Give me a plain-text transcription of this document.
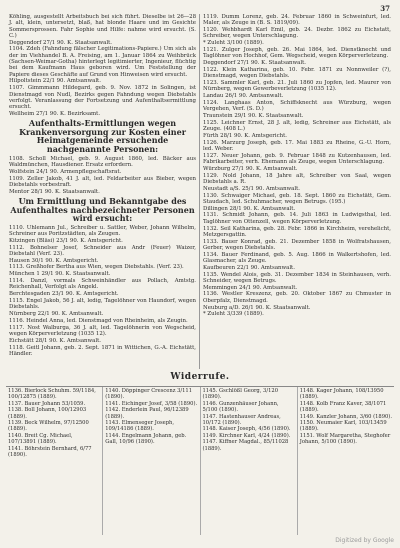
37
Köhling, ausgestellt Arbeitsbuch bei sich führt. Dieselbe ist 26—28 J. alt, klein, untersetzt, blaß, hat blonde Haare und im Gesichte Sommersprossen. Fahr Sophie und Hilfe: nahme wird ersucht. (S. C.)
Deggendorf 27/1 90. K. Staatsanwalt.
1104. Zdeh (Fahndung fälscher Legitimations-Papiere.) Um sich als der im Viehhandel B. A. Freising, am 1. Januar 1864 zu Weihbrück (Sachsen-Weimar-Gotha) hinterlegt legitimierter, Ingenieur, flüchtig bei dem Kaufmann Haus geboren wird. Um Feststellung der Papiere dieses Geschäfte auf Grund von Hinweisen wird ersucht.
Hilpoltstein 22/1 90. Amtsanwalt.
1107. Gimmmann Hildegard, geb. 9. Nov. 1872 in Solingen, ist Dienstmagd von Nudl, Bezirks gegen Fahndung wegen Diebstahls verfolgt. Veranlassung der Fortsetzung und Aufenthaltsermittlung ersucht.
Wellheim 27/1 90. K. Bezirksamt.
Aufenthalts-Ermittlungen wegen Krankenversorgung zur Kosten einer Heimatgemeinde ersuchende nachgenannte Personen:
1108. Scholl Michael, geb. 9. August 1860, led. Bäcker aus Waldmünchen, Hausdiener. Ersatz erfordern.
Wolfstein 24/1 90. Armenpflegschaftsrat.
1109. Zeller Jakob, 41 J. alt, led. Feldarbeiter aus Bieber, wegen Diebstahls vorbestraft.
Mentor 28/1 90. K. Staatsanwalt.
Um Ermittlung und Bekanntgabe des Aufenthaltes nachbezeichneter Personen wird ersucht:
1110. Uhlemann Jul., Schreiber u. Sattler, Weber, Johann Wilhelm, Schreiner aus Poritzstädten, als Zeugen.
Kitzingen (Bläsi) 23/1 90. K. Amtsgericht.
1112. Bohnelser Josef, Schneider aus Andr (Feuer) Waizer, Diebstahl (Verf. 23).
Hausen 30/1 90. K. Amtsgericht.
1113. Greßhofer Bertha aus Wien, wegen Diebstahls. (Verf. 23).
München 1 29/1 90. K. Staatsanwalt.
1114. Danzl, vormals Schweinhändler aus Pollach, Amtstg. Reichenhall, Verfolgt als Angekl.
Berchtesgaden 23/1 90. K. Amtsgericht.
1115. Engel Jakob, 56 J. alt, ledig, Tagelöhner von Haundorf, wegen Diebstahls.
Nürnberg 22/1 90. K. Amtsanwalt.
1116. Heindel Anna, led. Dienstmagd von Rheinheim, als Zeugin.
1117. Nost Walburga, 36 J. alt, led. Tagelöhnerin von Wegscheid, wegen Körperverletzung (1035 12).
Eichstätt 28/1 90. K. Amtsanwalt.
1118. Geitl Johann, geb. 2. Sept. 1871 in Wittichen, G.-A. Eichstätt, Händler.
1119. Dumm Lorenz, geb. 24. Februar 1860 in Schweinfurt, led. Maler, als Zeuge in (B. S. 1819/09).
1120. Wehbhardt Karl Emil, geb. 24. Dezbr. 1862 zu Eichstatt, Schreiber, wegen Unterschlagung.
* Zuleht 3/100 (1889).
1121. Zulger Joseph, geb. 26. Mai 1864, led. Dienstknecht und Taglöhner von Hochhof, Gem. Wegscheid, wegen Körperverletzung.
Deggendorf 27/1 90. K. Staatsanwalt.
1122. Klein Katharina, geb. 10. Febr. 1871 zu Nonnweiler (?), Dienstmagd, wegen Diebstahls.
1123. Sammler Karl, geb. 21. Juli 1860 zu Jopfen, led. Maurer von Nürnberg, wegen Gewerbeverletzung (1035 12).
Landau 26/1 90. Amtsanwalt.
1124. Langhaas Anton, Schiffsknecht aus Würzburg, wegen Vergehen, Verf. (S. D.)
Traunstein 29/1 90. K. Staatsanwalt.
1125. Leichner Ernst, 28 J. alt, ledig, Schreiner aus Eichstätt, als Zeuge. (408 L.)
Fürth 28/1 90. K. Amtsgericht.
1126. Marzurg Joseph, geb. 17. Mai 1883 zu Rheine, G.-U. Horn, led. Weber.
1127. Neuer Johann, geb. 9. Februar 1848 zu Kutzenhausen, led. Fabrikarbeiter, verh. Ehemann als Zeuge, wegen Unterschlagung.
Würzburg 27/1 90. K. Amtsanwalt.
1129. Nold Johann, 18 Jahre alt, Schreiber von Saal, wegen Diebstahls a. R.
Neustadt a/S. 25/1 90. Amtsanwalt.
1130. Schwaiger Michael, geb. 18. Sept. 1860 zu Eichstätt, Gem. Staudach, led. Schuhmacher, wegen Betrugs. (195.)
Dillingen 28/1 90. K. Amtsanwalt.
1131. Schmidt Johann, geb. 14. Juli 1863 in Ludwigsthal, led. Taglöhner von Ottenzell, wegen Körperverletzung.
1132. Seil Katharina, geb. 28. Febr. 1866 in Kirchheim, verehelicht, Metzgersgattin.
1133. Bauer Konrad, geb. 21. Dezember 1858 in Wolfratshausen, Gerber, wegen Diebstahls.
1134. Bauer Ferdinand, geb. 5. Aug. 1866 in Walkertshofen, led. Glasmacher, als Zeuge.
Kaufbeuren 22/1 90. Amtsanwalt.
1135. Wendel Alois, geb. 31. Dezember 1834 in Steinhausen, verh. Schneider, wegen Betrugs.
Memmingen 24/1 90. Amtsanwalt.
1136. Westler Kreszenz, geb. 20. Oktober 1867 zu Chmuster in Oberpfalz, Dienstmagd.
Neuburg a/D. 26/1 90. K. Staatsanwalt.
* Zuleht 3/339 (1889).
Widerrufe.
1136. Bierlock Schuhm. 59/1184, 100/12875 (1889).
1137. Bauer Johann 53/1059.
1138. Boll Johann, 100/12903 (1889).
1139. Beck Wilhelm, 97/12500 (1889).
1140. Breit Cg. Michael, 107/13891 (1889).
1141. Böhrstein Bernhard, 6/77 (1890).
1140. Döppinger Crescenz 3/111 (1890).
1141. Eichinger Josef, 3/58 (1890).
1142. Enderlein Paul, 96/12389 (1889).
1143. Elmenseger Joseph, 109/14186 (1889).
1144. Engelmann Johann, geb. Gall, 10/96 (1890).
1145. Gschlößl Georg, 3/120 (1890).
1146. Gunzenhäuser Johann, 5/100 (1890).
1147. Hastenhauser Andreas, 10/172 (1890).
1148. Kaiser Joseph, 4/56 (1890).
1149. Kirchner Karl, 4/24 (1890).
1147. Kiffner Magdal., 85/11028 (1889).
1148. Kager Johann, 108/13950 (1889).
1148. Kolb Franz Kaver, 38/1071 (1889).
1149. Kanzler Johann, 3/60 (1890).
1150. Neumaier Karl, 103/13459 (1889).
1151. Wolf Margaretha, Steghofer Johann, 5/100 (1890).
Digitized by Google
